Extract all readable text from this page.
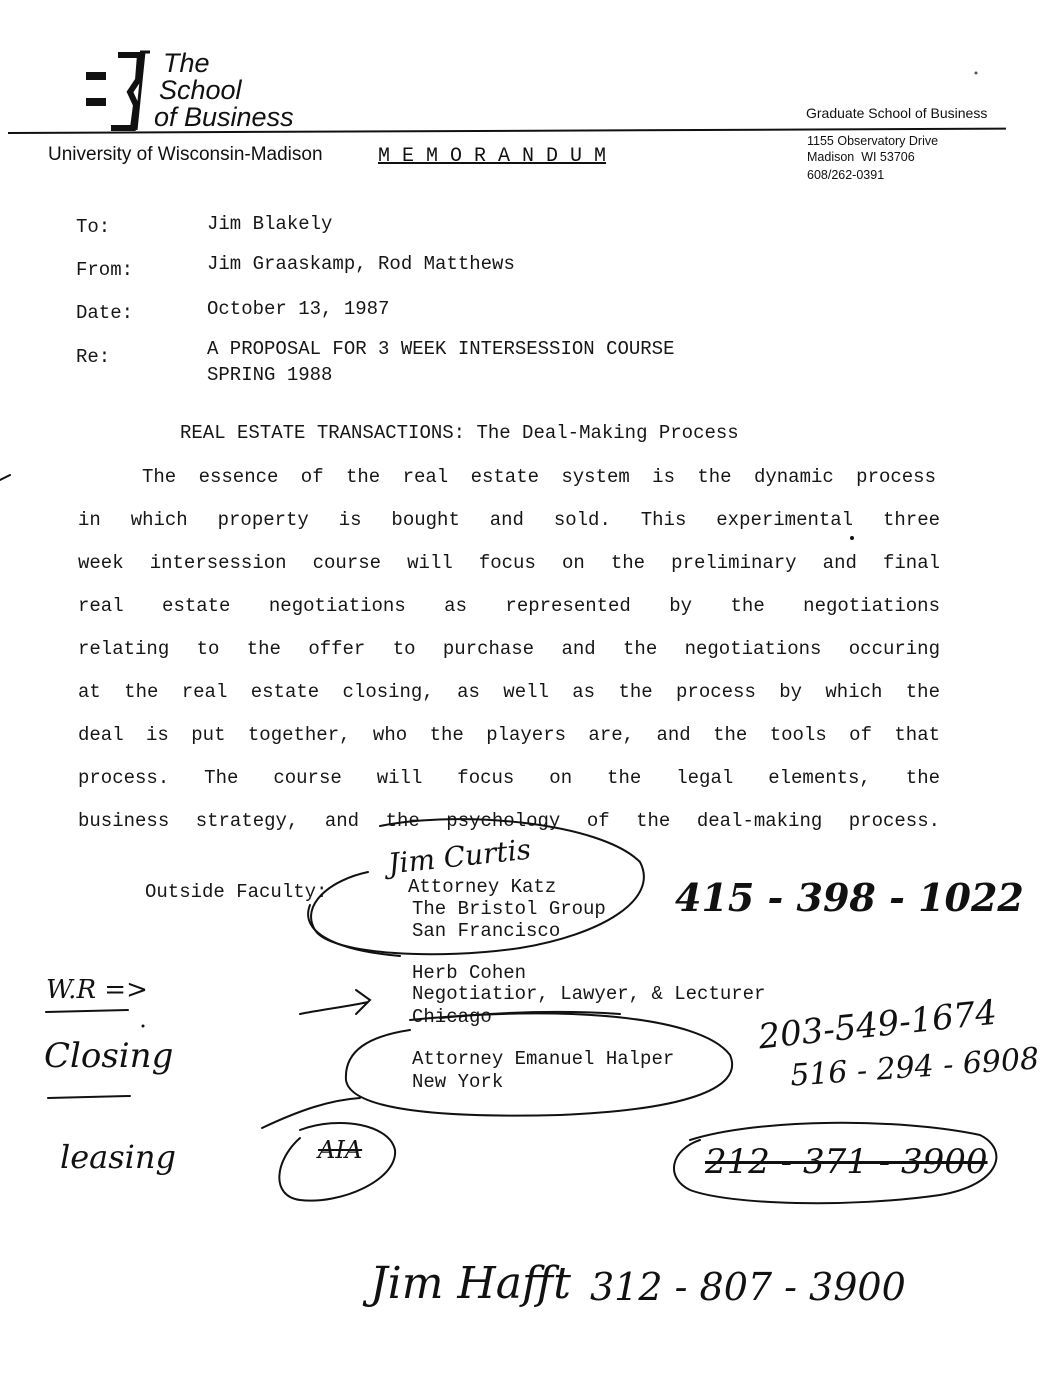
The
School
of Business
University of Wisconsin-Madison	M E M O R A N D U M
Graduate School of Business
1155 Observatory Drive
Madison  WI 53706
608/262-0391
To:	Jim Blakely
From:	Jim Graaskamp, Rod Matthews
Date:	October 13, 1987
Re:	A PROPOSAL FOR 3 WEEK INTERSESSION COURSE
SPRING 1988
REAL ESTATE TRANSACTIONS: The Deal-Making Process
The essence of the real estate system is the dynamic process
in which property is bought and sold. This experimental three
week intersession course will focus on the preliminary and final
real estate negotiations as represented by the negotiations
relating to the offer to purchase and the negotiations occuring
at the real estate closing, as well as the process by which the
deal is put together, who the players are, and the tools of that
process. The course will focus on the legal elements, the
business strategy, and the psychology of the deal-making process.
Outside Faculty:	Attorney Katz
The Bristol Group
San Francisco
Herb Cohen
Negotiatior, Lawyer, & Lecturer
Chicago
Attorney Emanuel Halper
New York
Jim Curtis
415 - 398 - 1022
203-549-1674
516 - 294 - 6908
212 - 371 - 3900
AIA
W.R =>
Closing
leasing
Jim Hafft 312 - 807 - 3900
